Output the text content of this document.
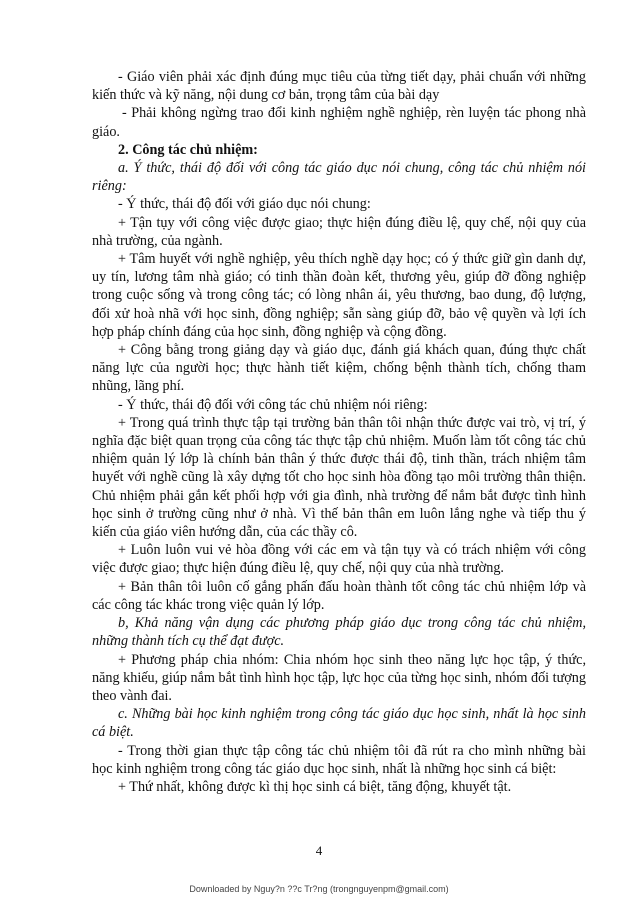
- Giáo viên phải xác định đúng mục tiêu của từng tiết dạy, phải chuẩn với những kiến thức và kỹ năng, nội dung cơ bản, trọng tâm của bài dạy

- Phải không ngừng trao đổi kinh nghiệm nghề nghiệp, rèn luyện tác phong nhà giáo.

2. Công tác chủ nhiệm:

a. Ý thức, thái độ đối với công tác giáo dục nói chung, công tác chủ nhiệm nói riêng:

- Ý thức, thái độ đối với giáo dục nói chung:

+ Tận tụy với công việc được giao; thực hiện đúng điều lệ, quy chế, nội quy của nhà trường, của ngành.

+ Tâm huyết với nghề nghiệp, yêu thích nghề dạy học; có ý thức giữ gìn danh dự, uy tín, lương tâm nhà giáo; có tinh thần đoàn kết, thương yêu, giúp đỡ đồng nghiệp trong cuộc sống và trong công tác; có lòng nhân ái, yêu thương, bao dung, độ lượng, đối xử hoà nhã với học sinh, đồng nghiệp; sẵn sàng giúp đỡ, bảo vệ quyền và lợi ích hợp pháp chính đáng của học sinh, đồng nghiệp và cộng đồng.

+ Công bằng trong giảng dạy và giáo dục, đánh giá khách quan, đúng thực chất năng lực của người học; thực hành tiết kiệm, chống bệnh thành tích, chống tham nhũng, lãng phí.

- Ý thức, thái độ đối với công tác chủ nhiệm nói riêng:

+ Trong quá trình thực tập tại trường bản thân tôi nhận thức được vai trò, vị trí, ý nghĩa đặc biệt quan trọng của công tác thực tập chủ nhiệm. Muốn làm tốt công tác chủ nhiệm quản lý lớp là chính bản thân ý thức được thái độ, tinh thần, trách nhiệm tâm huyết với nghề cũng là xây dựng tốt cho học sinh hòa đồng tạo môi trường thân thiện. Chủ nhiệm phải gắn kết phối hợp với gia đình, nhà trường để nắm bắt được tình hình học sinh ở trường cũng như ở nhà. Vì thế bản thân em luôn lắng nghe và tiếp thu ý kiến của giáo viên hướng dẫn, của các thầy cô.

+ Luôn luôn vui vẻ hòa đồng với các em và tận tụy và có trách nhiệm với công việc được giao; thực hiện đúng điều lệ, quy chế, nội quy của nhà trường.

+ Bản thân tôi luôn cố gắng phấn đấu hoàn thành tốt công tác chủ nhiệm lớp và các công tác khác trong việc quản lý lớp.

b, Khả năng vận dụng các phương pháp giáo dục trong công tác chủ nhiệm, những thành tích cụ thể đạt được.

+ Phương pháp chia nhóm: Chia nhóm học sinh theo năng lực học tập, ý thức, năng khiếu, giúp nắm bắt tình hình học tập, lực học của từng học sinh, nhóm đối tượng theo vành đai.

c. Những bài học kinh nghiệm trong công tác giáo dục học sinh, nhất là học sinh cá biệt.

- Trong thời gian thực tập công tác chủ nhiệm tôi đã rút ra cho mình những bài học kinh nghiệm trong công tác giáo dục học sinh, nhất là những học sinh cá biệt:

+ Thứ nhất, không được kì thị học sinh cá biệt, tăng động, khuyết tật.

4
Downloaded by Nguy?n ??c Tr?ng (trongnguyenpm@gmail.com)
